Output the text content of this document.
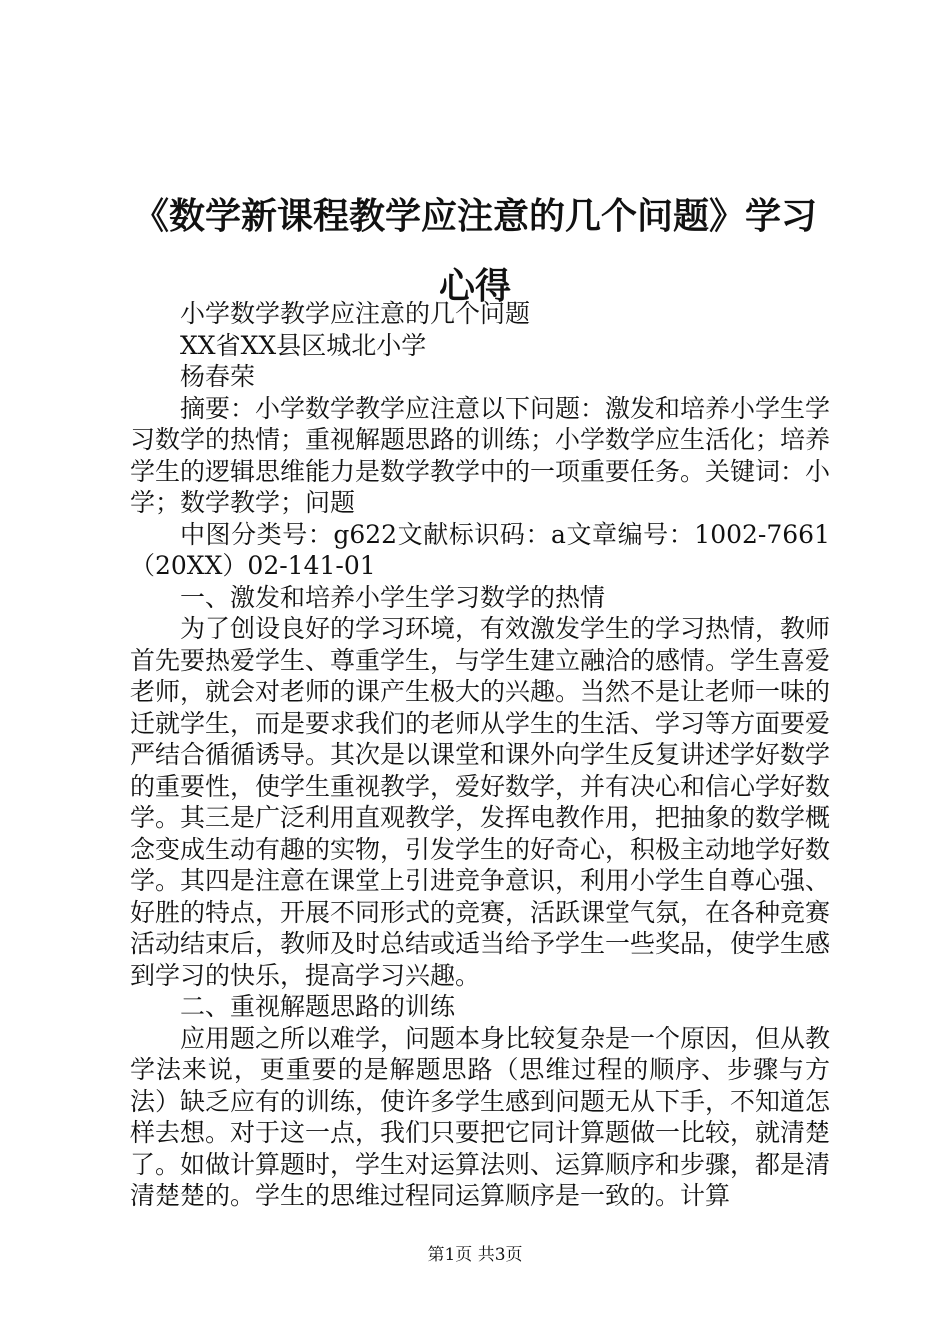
《数学新课程教学应注意的几个问题》学习心得

小学数学教学应注意的几个问题

XX省XX县区城北小学

杨春荣

摘要：小学数学教学应注意以下问题：激发和培养小学生学习数学的热情；重视解题思路的训练；小学数学应生活化；培养学生的逻辑思维能力是数学教学中的一项重要任务。关键词：小学；数学教学；问题

中图分类号：g622文献标识码：a文章编号：1002-7661（20XX）02-141-01

一、激发和培养小学生学习数学的热情

为了创设良好的学习环境，有效激发学生的学习热情，教师首先要热爱学生、尊重学生，与学生建立融洽的感情。学生喜爱老师，就会对老师的课产生极大的兴趣。当然不是让老师一味的迁就学生，而是要求我们的老师从学生的生活、学习等方面要爱严结合循循诱导。其次是以课堂和课外向学生反复讲述学好数学的重要性，使学生重视教学，爱好数学，并有决心和信心学好数学。其三是广泛利用直观教学，发挥电教作用，把抽象的数学概念变成生动有趣的实物，引发学生的好奇心，积极主动地学好数学。其四是注意在课堂上引进竞争意识，利用小学生自尊心强、好胜的特点，开展不同形式的竞赛，活跃课堂气氛，在各种竞赛活动结束后，教师及时总结或适当给予学生一些奖品，使学生感到学习的快乐，提高学习兴趣。

二、重视解题思路的训练

应用题之所以难学，问题本身比较复杂是一个原因，但从教学法来说，更重要的是解题思路（思维过程的顺序、步骤与方法）缺乏应有的训练，使许多学生感到问题无从下手，不知道怎样去想。对于这一点，我们只要把它同计算题做一比较，就清楚了。如做计算题时，学生对运算法则、运算顺序和步骤，都是清清楚楚的。学生的思维过程同运算顺序是一致的。计算

第1页 共3页
